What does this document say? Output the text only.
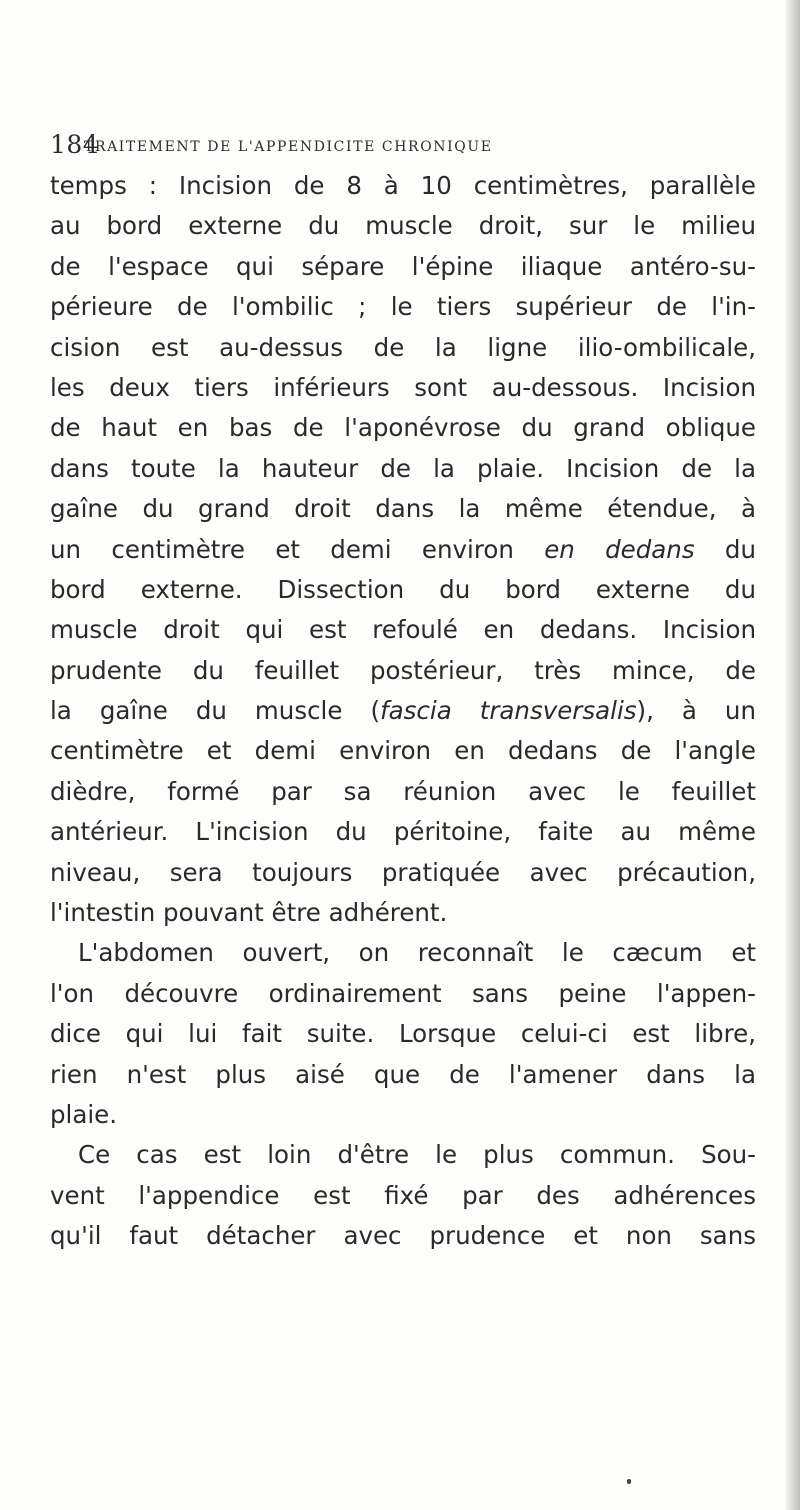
184
TRAITEMENT DE L'APPENDICITE CHRONIQUE
temps : Incision de 8 à 10 centimètres, parallèle
au bord externe du muscle droit, sur le milieu
de l'espace qui sépare l'épine iliaque antéro-su-
périeure de l'ombilic ; le tiers supérieur de l'in-
cision est au-dessus de la ligne ilio-ombilicale,
les deux tiers inférieurs sont au-dessous. Incision
de haut en bas de l'aponévrose du grand oblique
dans toute la hauteur de la plaie. Incision de la
gaîne du grand droit dans la même étendue, à
un centimètre et demi environ en dedans du
bord externe. Dissection du bord externe du
muscle droit qui est refoulé en dedans. Incision
prudente du feuillet postérieur, très mince, de
la gaîne du muscle (fascia transversalis), à un
centimètre et demi environ en dedans de l'angle
dièdre, formé par sa réunion avec le feuillet
antérieur. L'incision du péritoine, faite au même
niveau, sera toujours pratiquée avec précaution,
l'intestin pouvant être adhérent.
L'abdomen ouvert, on reconnaît le cæcum et
l'on découvre ordinairement sans peine l'appen-
dice qui lui fait suite. Lorsque celui-ci est libre,
rien n'est plus aisé que de l'amener dans la
plaie.
Ce cas est loin d'être le plus commun. Sou-
vent l'appendice est fixé par des adhérences
qu'il faut détacher avec prudence et non sans
